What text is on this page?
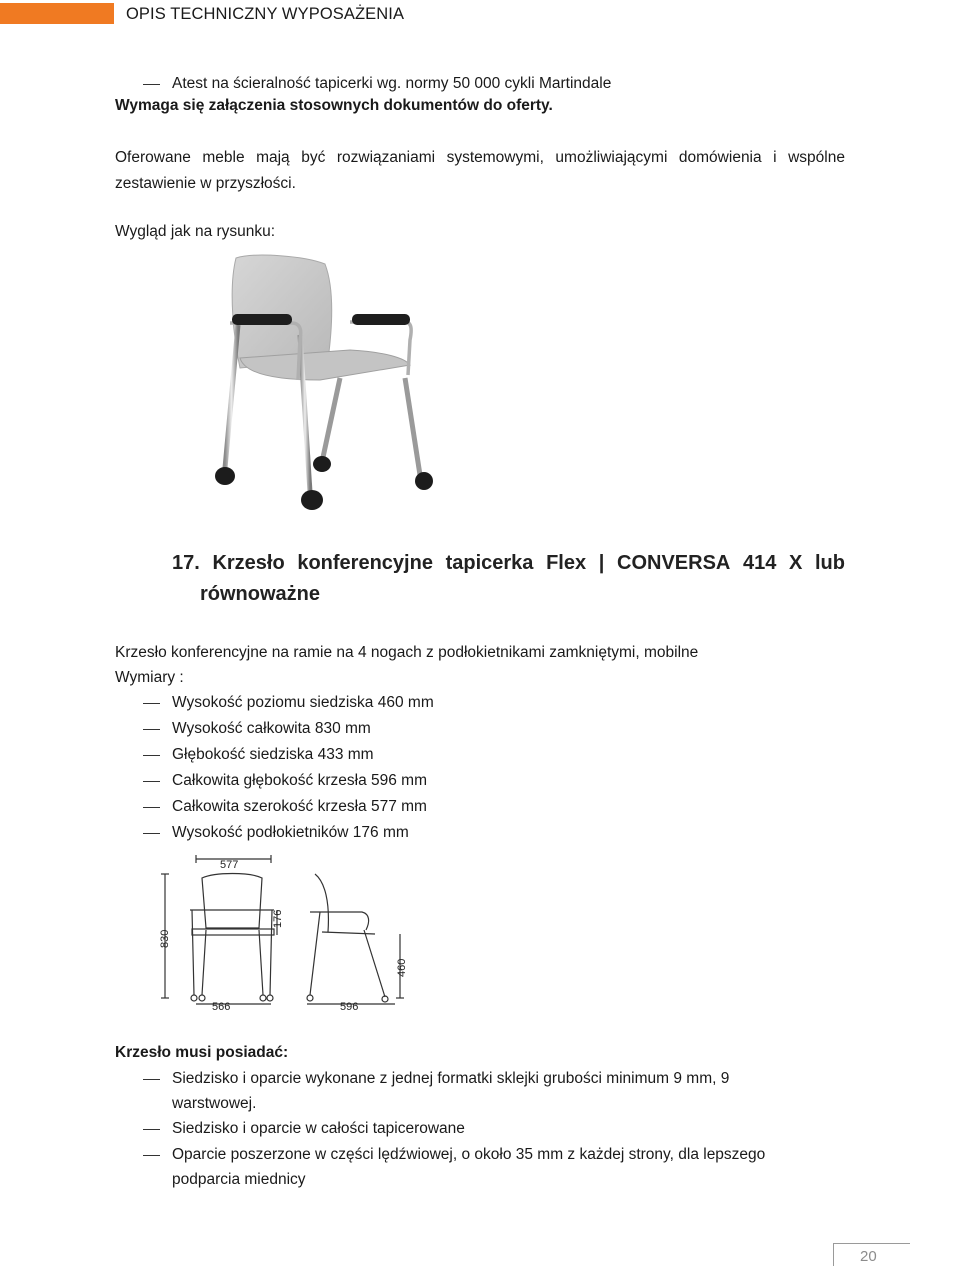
OPIS TECHNICZNY WYPOSAŻENIA
Atest na ścieralność tapicerki wg. normy 50 000 cykli Martindale
Wymaga się załączenia stosownych dokumentów do oferty.
Oferowane meble mają być rozwiązaniami systemowymi, umożliwiającymi domówienia i wspólne
zestawienie w przyszłości.
Wygląd jak na rysunku:
17. Krzesło konferencyjne tapicerka Flex | CONVERSA 414 X lub
równoważne
Krzesło konferencyjne na ramie na 4 nogach z podłokietnikami zamkniętymi, mobilne
Wymiary :
Wysokość poziomu siedziska 460 mm
Wysokość całkowita 830 mm
Głębokość siedziska 433 mm
Całkowita głębokość krzesła 596 mm
Całkowita szerokość krzesła 577 mm
Wysokość podłokietników 176 mm
577
830
176
566	596
460
Krzesło musi posiadać:
Siedzisko i oparcie wykonane z jednej formatki sklejki grubości minimum 9 mm, 9
warstwowej.
Siedzisko i oparcie w całości tapicerowane
Oparcie poszerzone w części lędźwiowej, o około 35 mm z każdej strony, dla lepszego
podparcia miednicy
20
